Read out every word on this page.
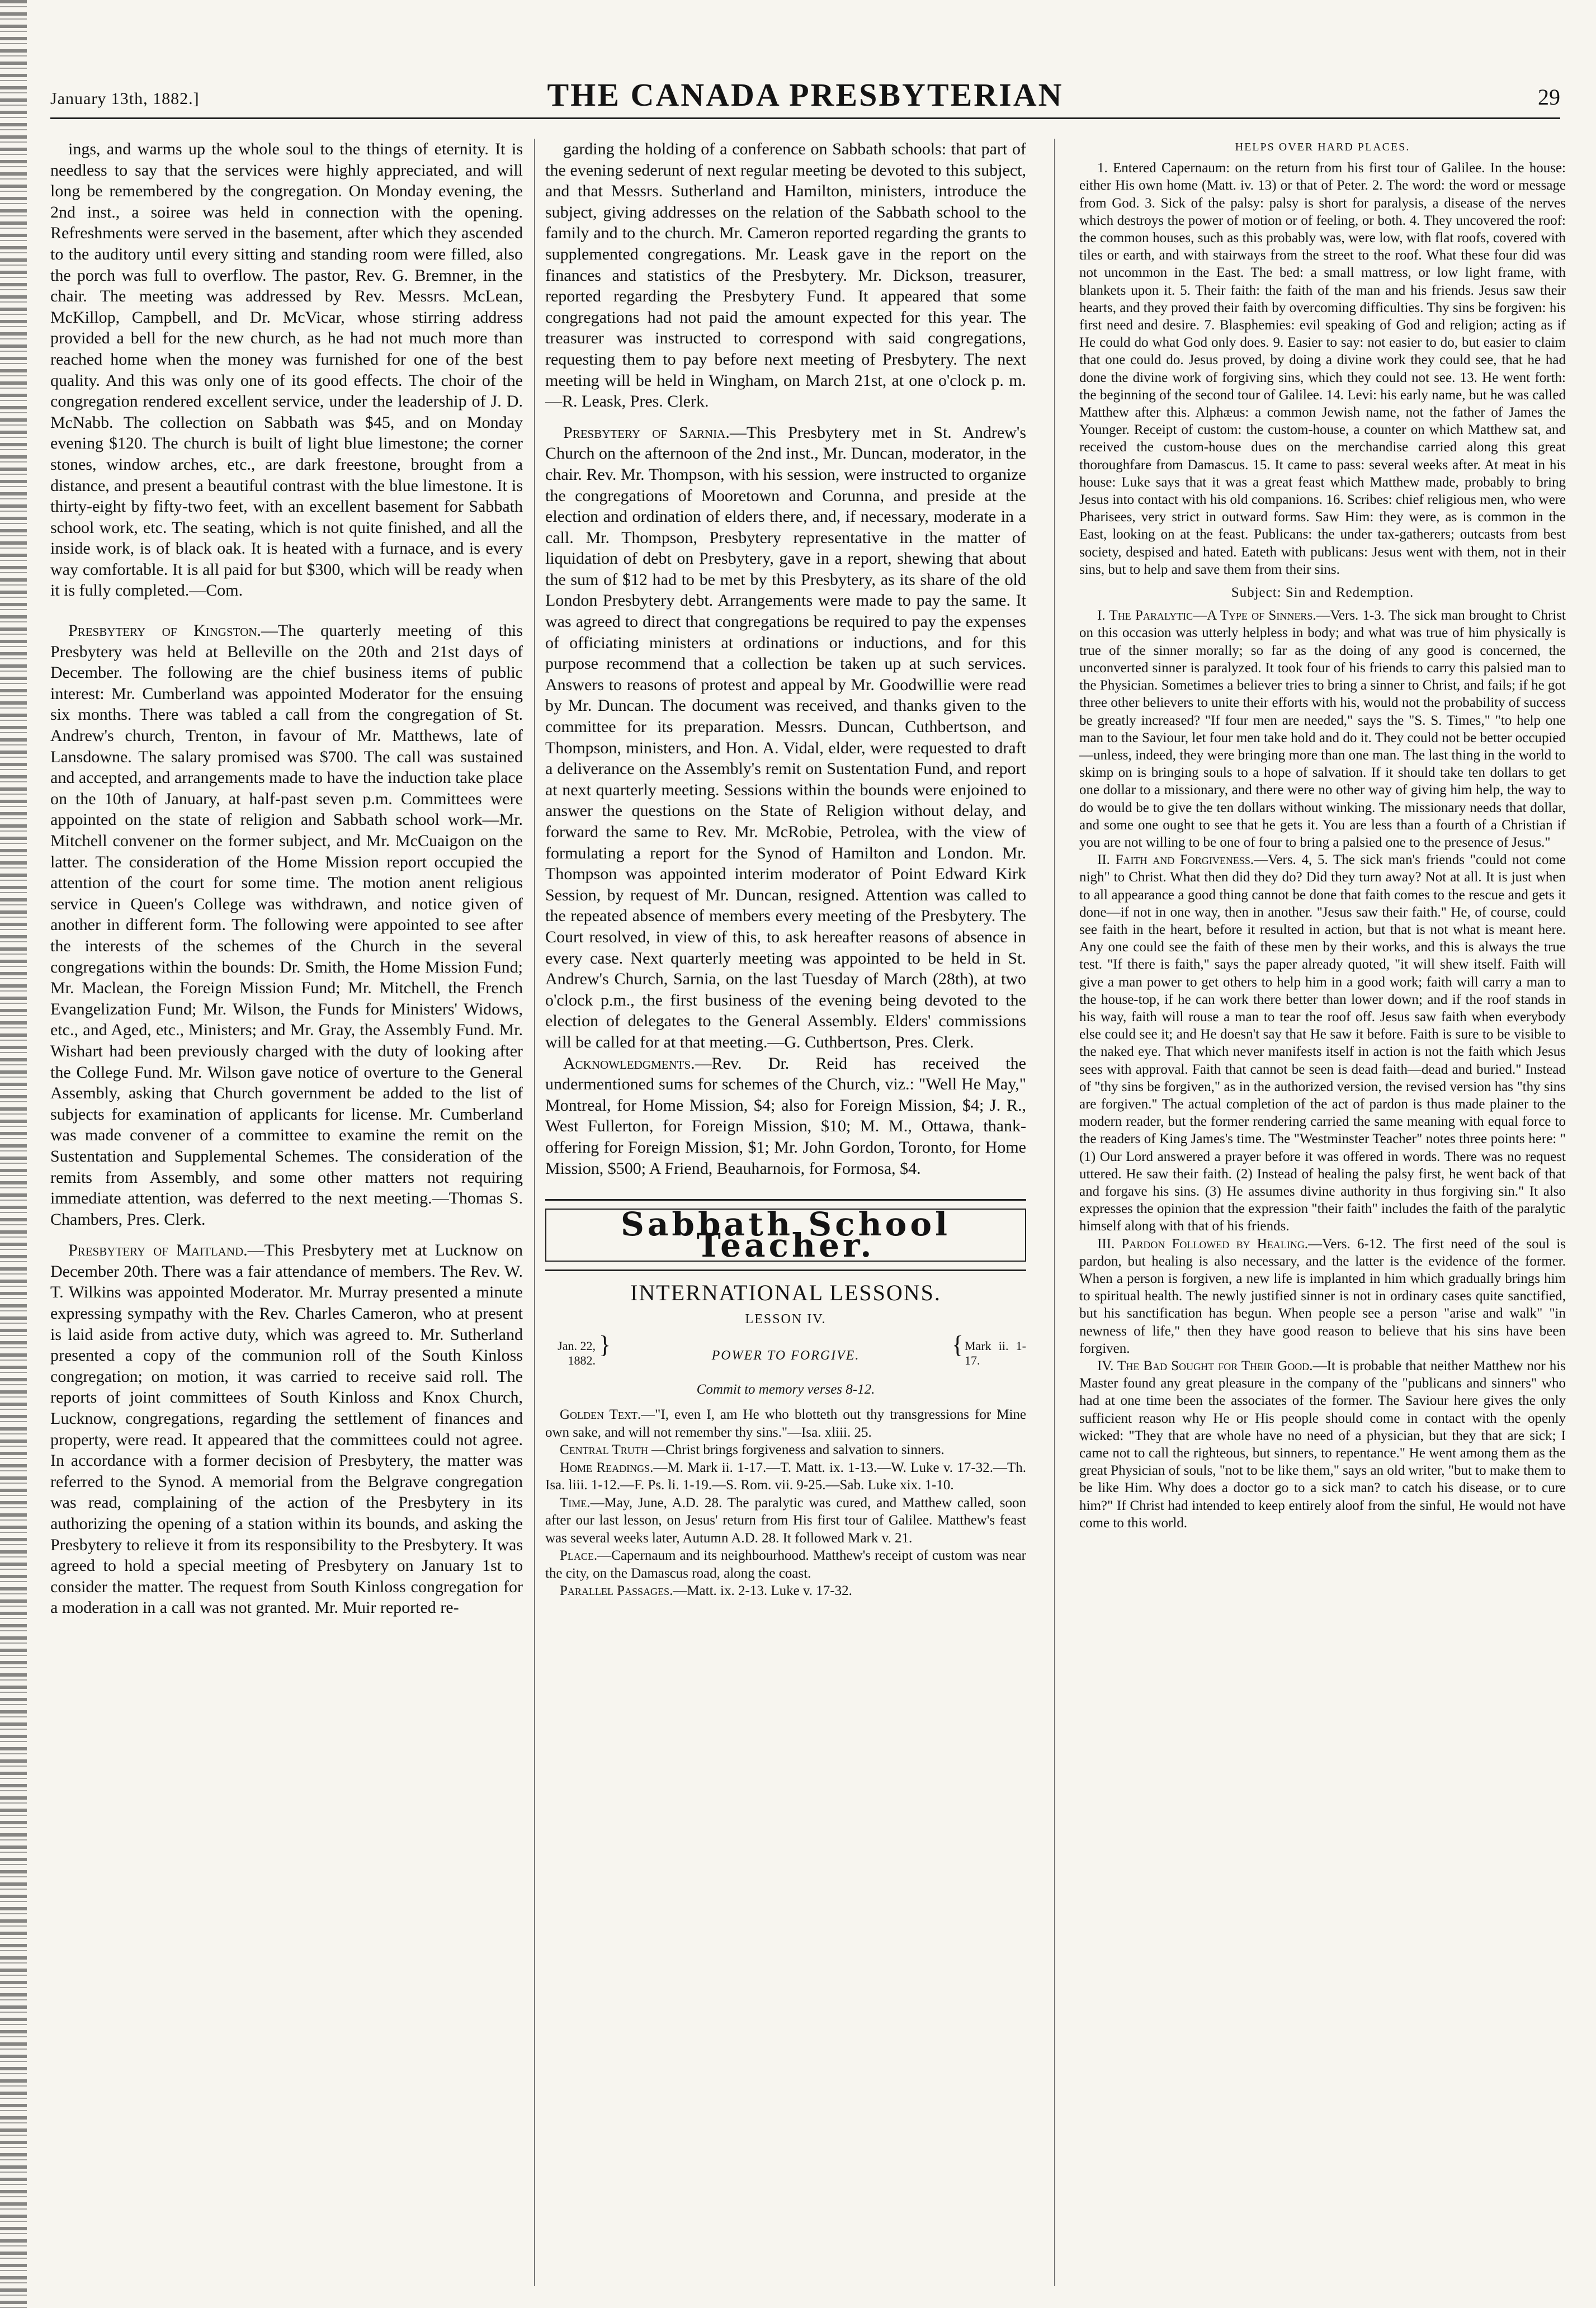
January 13th, 1882.]	THE CANADA PRESBYTERIAN	29

ings, and warms up the whole soul to the things of eternity. It is needless to say that the services were highly appreciated, and will long be remembered by the congregation. On Monday evening, the 2nd inst., a soiree was held in connection with the opening. Refreshments were served in the basement, after which they ascended to the auditory until every sitting and standing room were filled, also the porch was full to overflow. The pastor, Rev. G. Bremner, in the chair. The meeting was addressed by Rev. Messrs. McLean, McKillop, Campbell, and Dr. McVicar, whose stirring address provided a bell for the new church, as he had not much more than reached home when the money was furnished for one of the best quality. And this was only one of its good effects. The choir of the congregation rendered excellent service, under the leadership of J. D. McNabb. The collection on Sabbath was $45, and on Monday evening $120. The church is built of light blue limestone; the corner stones, window arches, etc., are dark freestone, brought from a distance, and present a beautiful contrast with the blue limestone. It is thirty-eight by fifty-two feet, with an excellent basement for Sabbath school work, etc. The seating, which is not quite finished, and all the inside work, is of black oak. It is heated with a furnace, and is every way comfortable. It is all paid for but $300, which will be ready when it is fully completed.—Com.

Presbytery of Kingston.—The quarterly meeting of this Presbytery was held at Belleville on the 20th and 21st days of December. The following are the chief business items of public interest: Mr. Cumberland was appointed Moderator for the ensuing six months. There was tabled a call from the congregation of St. Andrew's church, Trenton, in favour of Mr. Matthews, late of Lansdowne. The salary promised was $700. The call was sustained and accepted, and arrangements made to have the induction take place on the 10th of January, at half-past seven p.m. Committees were appointed on the state of religion and Sabbath school work—Mr. Mitchell convener on the former subject, and Mr. McCuaigon on the latter. The consideration of the Home Mission report occupied the attention of the court for some time. The motion anent religious service in Queen's College was withdrawn, and notice given of another in different form. The following were appointed to see after the interests of the schemes of the Church in the several congregations within the bounds: Dr. Smith, the Home Mission Fund; Mr. Maclean, the Foreign Mission Fund; Mr. Mitchell, the French Evangelization Fund; Mr. Wilson, the Funds for Ministers' Widows, etc., and Aged, etc., Ministers; and Mr. Gray, the Assembly Fund. Mr. Wishart had been previously charged with the duty of looking after the College Fund. Mr. Wilson gave notice of overture to the General Assembly, asking that Church government be added to the list of subjects for examination of applicants for license. Mr. Cumberland was made convener of a committee to examine the remit on the Sustentation and Supplemental Schemes. The consideration of the remits from Assembly, and some other matters not requiring immediate attention, was deferred to the next meeting.—Thomas S. Chambers, Pres. Clerk.

Presbytery of Maitland.—This Presbytery met at Lucknow on December 20th. There was a fair attendance of members. The Rev. W. T. Wilkins was appointed Moderator. Mr. Murray presented a minute expressing sympathy with the Rev. Charles Cameron, who at present is laid aside from active duty, which was agreed to. Mr. Sutherland presented a copy of the communion roll of the South Kinloss congregation; on motion, it was carried to receive said roll. The reports of joint committees of South Kinloss and Knox Church, Lucknow, congregations, regarding the settlement of finances and property, were read. It appeared that the committees could not agree. In accordance with a former decision of Presbytery, the matter was referred to the Synod. A memorial from the Belgrave congregation was read, complaining of the action of the Presbytery in its authorizing the opening of a station within its bounds, and asking the Presbytery to relieve it from its responsibility to the Presbytery. It was agreed to hold a special meeting of Presbytery on January 1st to consider the matter. The request from South Kinloss congregation for a moderation in a call was not granted. Mr. Muir reported re-

garding the holding of a conference on Sabbath schools: that part of the evening sederunt of next regular meeting be devoted to this subject, and that Messrs. Sutherland and Hamilton, ministers, introduce the subject, giving addresses on the relation of the Sabbath school to the family and to the church. Mr. Cameron reported regarding the grants to supplemented congregations. Mr. Leask gave in the report on the finances and statistics of the Presbytery. Mr. Dickson, treasurer, reported regarding the Presbytery Fund. It appeared that some congregations had not paid the amount expected for this year. The treasurer was instructed to correspond with said congregations, requesting them to pay before next meeting of Presbytery. The next meeting will be held in Wingham, on March 21st, at one o'clock p. m.—R. Leask, Pres. Clerk.

Presbytery of Sarnia.—This Presbytery met in St. Andrew's Church on the afternoon of the 2nd inst., Mr. Duncan, moderator, in the chair. Rev. Mr. Thompson, with his session, were instructed to organize the congregations of Mooretown and Corunna, and preside at the election and ordination of elders there, and, if necessary, moderate in a call. Mr. Thompson, Presbytery representative in the matter of liquidation of debt on Presbytery, gave in a report, shewing that about the sum of $12 had to be met by this Presbytery, as its share of the old London Presbytery debt. Arrangements were made to pay the same. It was agreed to direct that congregations be required to pay the expenses of officiating ministers at ordinations or inductions, and for this purpose recommend that a collection be taken up at such services. Answers to reasons of protest and appeal by Mr. Goodwillie were read by Mr. Duncan. The document was received, and thanks given to the committee for its preparation. Messrs. Duncan, Cuthbertson, and Thompson, ministers, and Hon. A. Vidal, elder, were requested to draft a deliverance on the Assembly's remit on Sustentation Fund, and report at next quarterly meeting. Sessions within the bounds were enjoined to answer the questions on the State of Religion without delay, and forward the same to Rev. Mr. McRobie, Petrolea, with the view of formulating a report for the Synod of Hamilton and London. Mr. Thompson was appointed interim moderator of Point Edward Kirk Session, by request of Mr. Duncan, resigned. Attention was called to the repeated absence of members every meeting of the Presbytery. The Court resolved, in view of this, to ask hereafter reasons of absence in every case. Next quarterly meeting was appointed to be held in St. Andrew's Church, Sarnia, on the last Tuesday of March (28th), at two o'clock p.m., the first business of the evening being devoted to the election of delegates to the General Assembly. Elders' commissions will be called for at that meeting.—G. Cuthbertson, Pres. Clerk.

Acknowledgments.—Rev. Dr. Reid has received the undermentioned sums for schemes of the Church, viz.: "Well He May," Montreal, for Home Mission, $4; also for Foreign Mission, $4; J. R., West Fullerton, for Foreign Mission, $10; M. M., Ottawa, thank-offering for Foreign Mission, $1; Mr. John Gordon, Toronto, for Home Mission, $500; A Friend, Beauharnois, for Formosa, $4.

Sabbath School Teacher.
INTERNATIONAL LESSONS.
LESSON IV.
Jan. 22, 1882.
}	POWER TO FORGIVE.	{ Mark ii. 1-17.
Commit to memory verses 8-12.

Golden Text.—"I, even I, am He who blotteth out thy transgressions for Mine own sake, and will not remember thy sins."—Isa. xliii. 25.

Central Truth —Christ brings forgiveness and salvation to sinners.

Home Readings.—M. Mark ii. 1-17.—T. Matt. ix. 1-13.—W. Luke v. 17-32.—Th. Isa. liii. 1-12.—F. Ps. li. 1-19.—S. Rom. vii. 9-25.—Sab. Luke xix. 1-10.

Time.—May, June, A.D. 28. The paralytic was cured, and Matthew called, soon after our last lesson, on Jesus' return from His first tour of Galilee. Matthew's feast was several weeks later, Autumn A.D. 28. It followed Mark v. 21.

Place.—Capernaum and its neighbourhood. Matthew's receipt of custom was near the city, on the Damascus road, along the coast.

Parallel Passages.—Matt. ix. 2-13. Luke v. 17-32.

HELPS OVER HARD PLACES.

1. Entered Capernaum: on the return from his first tour of Galilee. In the house: either His own home (Matt. iv. 13) or that of Peter. 2. The word: the word or message from God. 3. Sick of the palsy: palsy is short for paralysis, a disease of the nerves which destroys the power of motion or of feeling, or both. 4. They uncovered the roof: the common houses, such as this probably was, were low, with flat roofs, covered with tiles or earth, and with stairways from the street to the roof. What these four did was not uncommon in the East. The bed: a small mattress, or low light frame, with blankets upon it. 5. Their faith: the faith of the man and his friends. Jesus saw their hearts, and they proved their faith by overcoming difficulties. Thy sins be forgiven: his first need and desire. 7. Blasphemies: evil speaking of God and religion; acting as if He could do what God only does. 9. Easier to say: not easier to do, but easier to claim that one could do. Jesus proved, by doing a divine work they could see, that he had done the divine work of forgiving sins, which they could not see. 13. He went forth: the beginning of the second tour of Galilee. 14. Levi: his early name, but he was called Matthew after this. Alphæus: a common Jewish name, not the father of James the Younger. Receipt of custom: the custom-house, a counter on which Matthew sat, and received the custom-house dues on the merchandise carried along this great thoroughfare from Damascus. 15. It came to pass: several weeks after. At meat in his house: Luke says that it was a great feast which Matthew made, probably to bring Jesus into contact with his old companions. 16. Scribes: chief religious men, who were Pharisees, very strict in outward forms. Saw Him: they were, as is common in the East, looking on at the feast. Publicans: the under tax-gatherers; outcasts from best society, despised and hated. Eateth with publicans: Jesus went with them, not in their sins, but to help and save them from their sins.

Subject: Sin and Redemption.

I. The Paralytic—A Type of Sinners.—Vers. 1-3. The sick man brought to Christ on this occasion was utterly helpless in body; and what was true of him physically is true of the sinner morally; so far as the doing of any good is concerned, the unconverted sinner is paralyzed. It took four of his friends to carry this palsied man to the Physician. Sometimes a believer tries to bring a sinner to Christ, and fails; if he got three other believers to unite their efforts with his, would not the probability of success be greatly increased? "If four men are needed," says the "S. S. Times," "to help one man to the Saviour, let four men take hold and do it. They could not be better occupied—unless, indeed, they were bringing more than one man. The last thing in the world to skimp on is bringing souls to a hope of salvation. If it should take ten dollars to get one dollar to a missionary, and there were no other way of giving him help, the way to do would be to give the ten dollars without winking. The missionary needs that dollar, and some one ought to see that he gets it. You are less than a fourth of a Christian if you are not willing to be one of four to bring a palsied one to the presence of Jesus."

II. Faith and Forgiveness.—Vers. 4, 5. The sick man's friends "could not come nigh" to Christ. What then did they do? Did they turn away? Not at all. It is just when to all appearance a good thing cannot be done that faith comes to the rescue and gets it done—if not in one way, then in another. "Jesus saw their faith." He, of course, could see faith in the heart, before it resulted in action, but that is not what is meant here. Any one could see the faith of these men by their works, and this is always the true test. "If there is faith," says the paper already quoted, "it will shew itself. Faith will give a man power to get others to help him in a good work; faith will carry a man to the house-top, if he can work there better than lower down; and if the roof stands in his way, faith will rouse a man to tear the roof off. Jesus saw faith when everybody else could see it; and He doesn't say that He saw it before. Faith is sure to be visible to the naked eye. That which never manifests itself in action is not the faith which Jesus sees with approval. Faith that cannot be seen is dead faith—dead and buried." Instead of "thy sins be forgiven," as in the authorized version, the revised version has "thy sins are forgiven." The actual completion of the act of pardon is thus made plainer to the modern reader, but the former rendering carried the same meaning with equal force to the readers of King James's time. The "Westminster Teacher" notes three points here: "(1) Our Lord answered a prayer before it was offered in words. There was no request uttered. He saw their faith. (2) Instead of healing the palsy first, he went back of that and forgave his sins. (3) He assumes divine authority in thus forgiving sin." It also expresses the opinion that the expression "their faith" includes the faith of the paralytic himself along with that of his friends.

III. Pardon Followed by Healing.—Vers. 6-12. The first need of the soul is pardon, but healing is also necessary, and the latter is the evidence of the former. When a person is forgiven, a new life is implanted in him which gradually brings him to spiritual health. The newly justified sinner is not in ordinary cases quite sanctified, but his sanctification has begun. When people see a person "arise and walk" "in newness of life," then they have good reason to believe that his sins have been forgiven.

IV. The Bad Sought for Their Good.—It is probable that neither Matthew nor his Master found any great pleasure in the company of the "publicans and sinners" who had at one time been the associates of the former. The Saviour here gives the only sufficient reason why He or His people should come in contact with the openly wicked: "They that are whole have no need of a physician, but they that are sick; I came not to call the righteous, but sinners, to repentance." He went among them as the great Physician of souls, "not to be like them," says an old writer, "but to make them to be like Him. Why does a doctor go to a sick man? to catch his disease, or to cure him?" If Christ had intended to keep entirely aloof from the sinful, He would not have come to this world.
